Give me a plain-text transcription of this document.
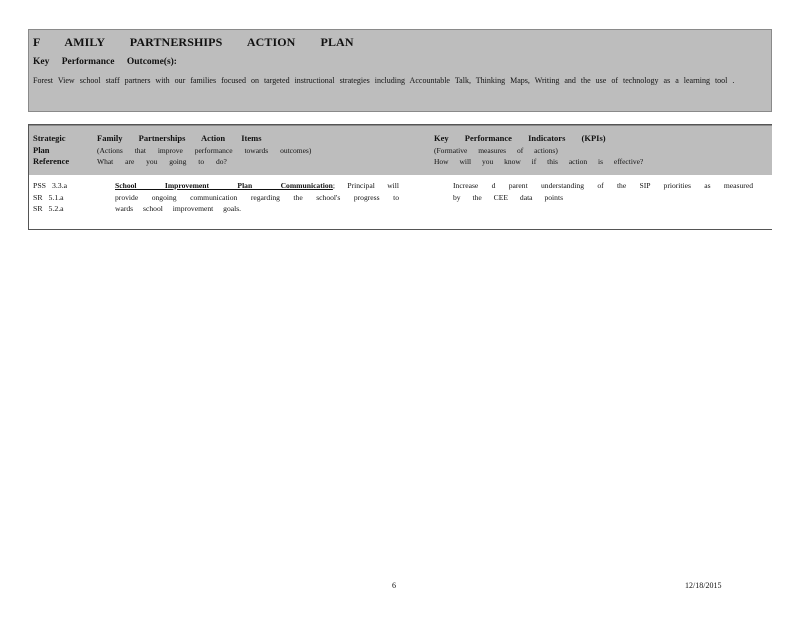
F AMILY PARTNERSHIPS ACTION PLAN
Key Performance Outcome(s):
Forest View school staff partners with our families focused on targeted instructional strategies including Accountable Talk, Thinking Maps, Writing and the use of technology as a learning tool .
Strategic
Plan
Reference
Family Partnerships Action Items
(Actions that improve performance towards outcomes)
What are you going to do?
Key Performance Indicators (KPIs)
(Formative measures of actions)
How will you know if this action is effective?
PSS 3.3.a
SR 5.1.a
SR 5.2.a
School Improvement Plan Communication; Principal will provide ongoing communication regarding the school's progress to wards school improvement goals.
Increase d parent understanding of the SIP priorities as measured by the CEE data points
6	12/18/2015
